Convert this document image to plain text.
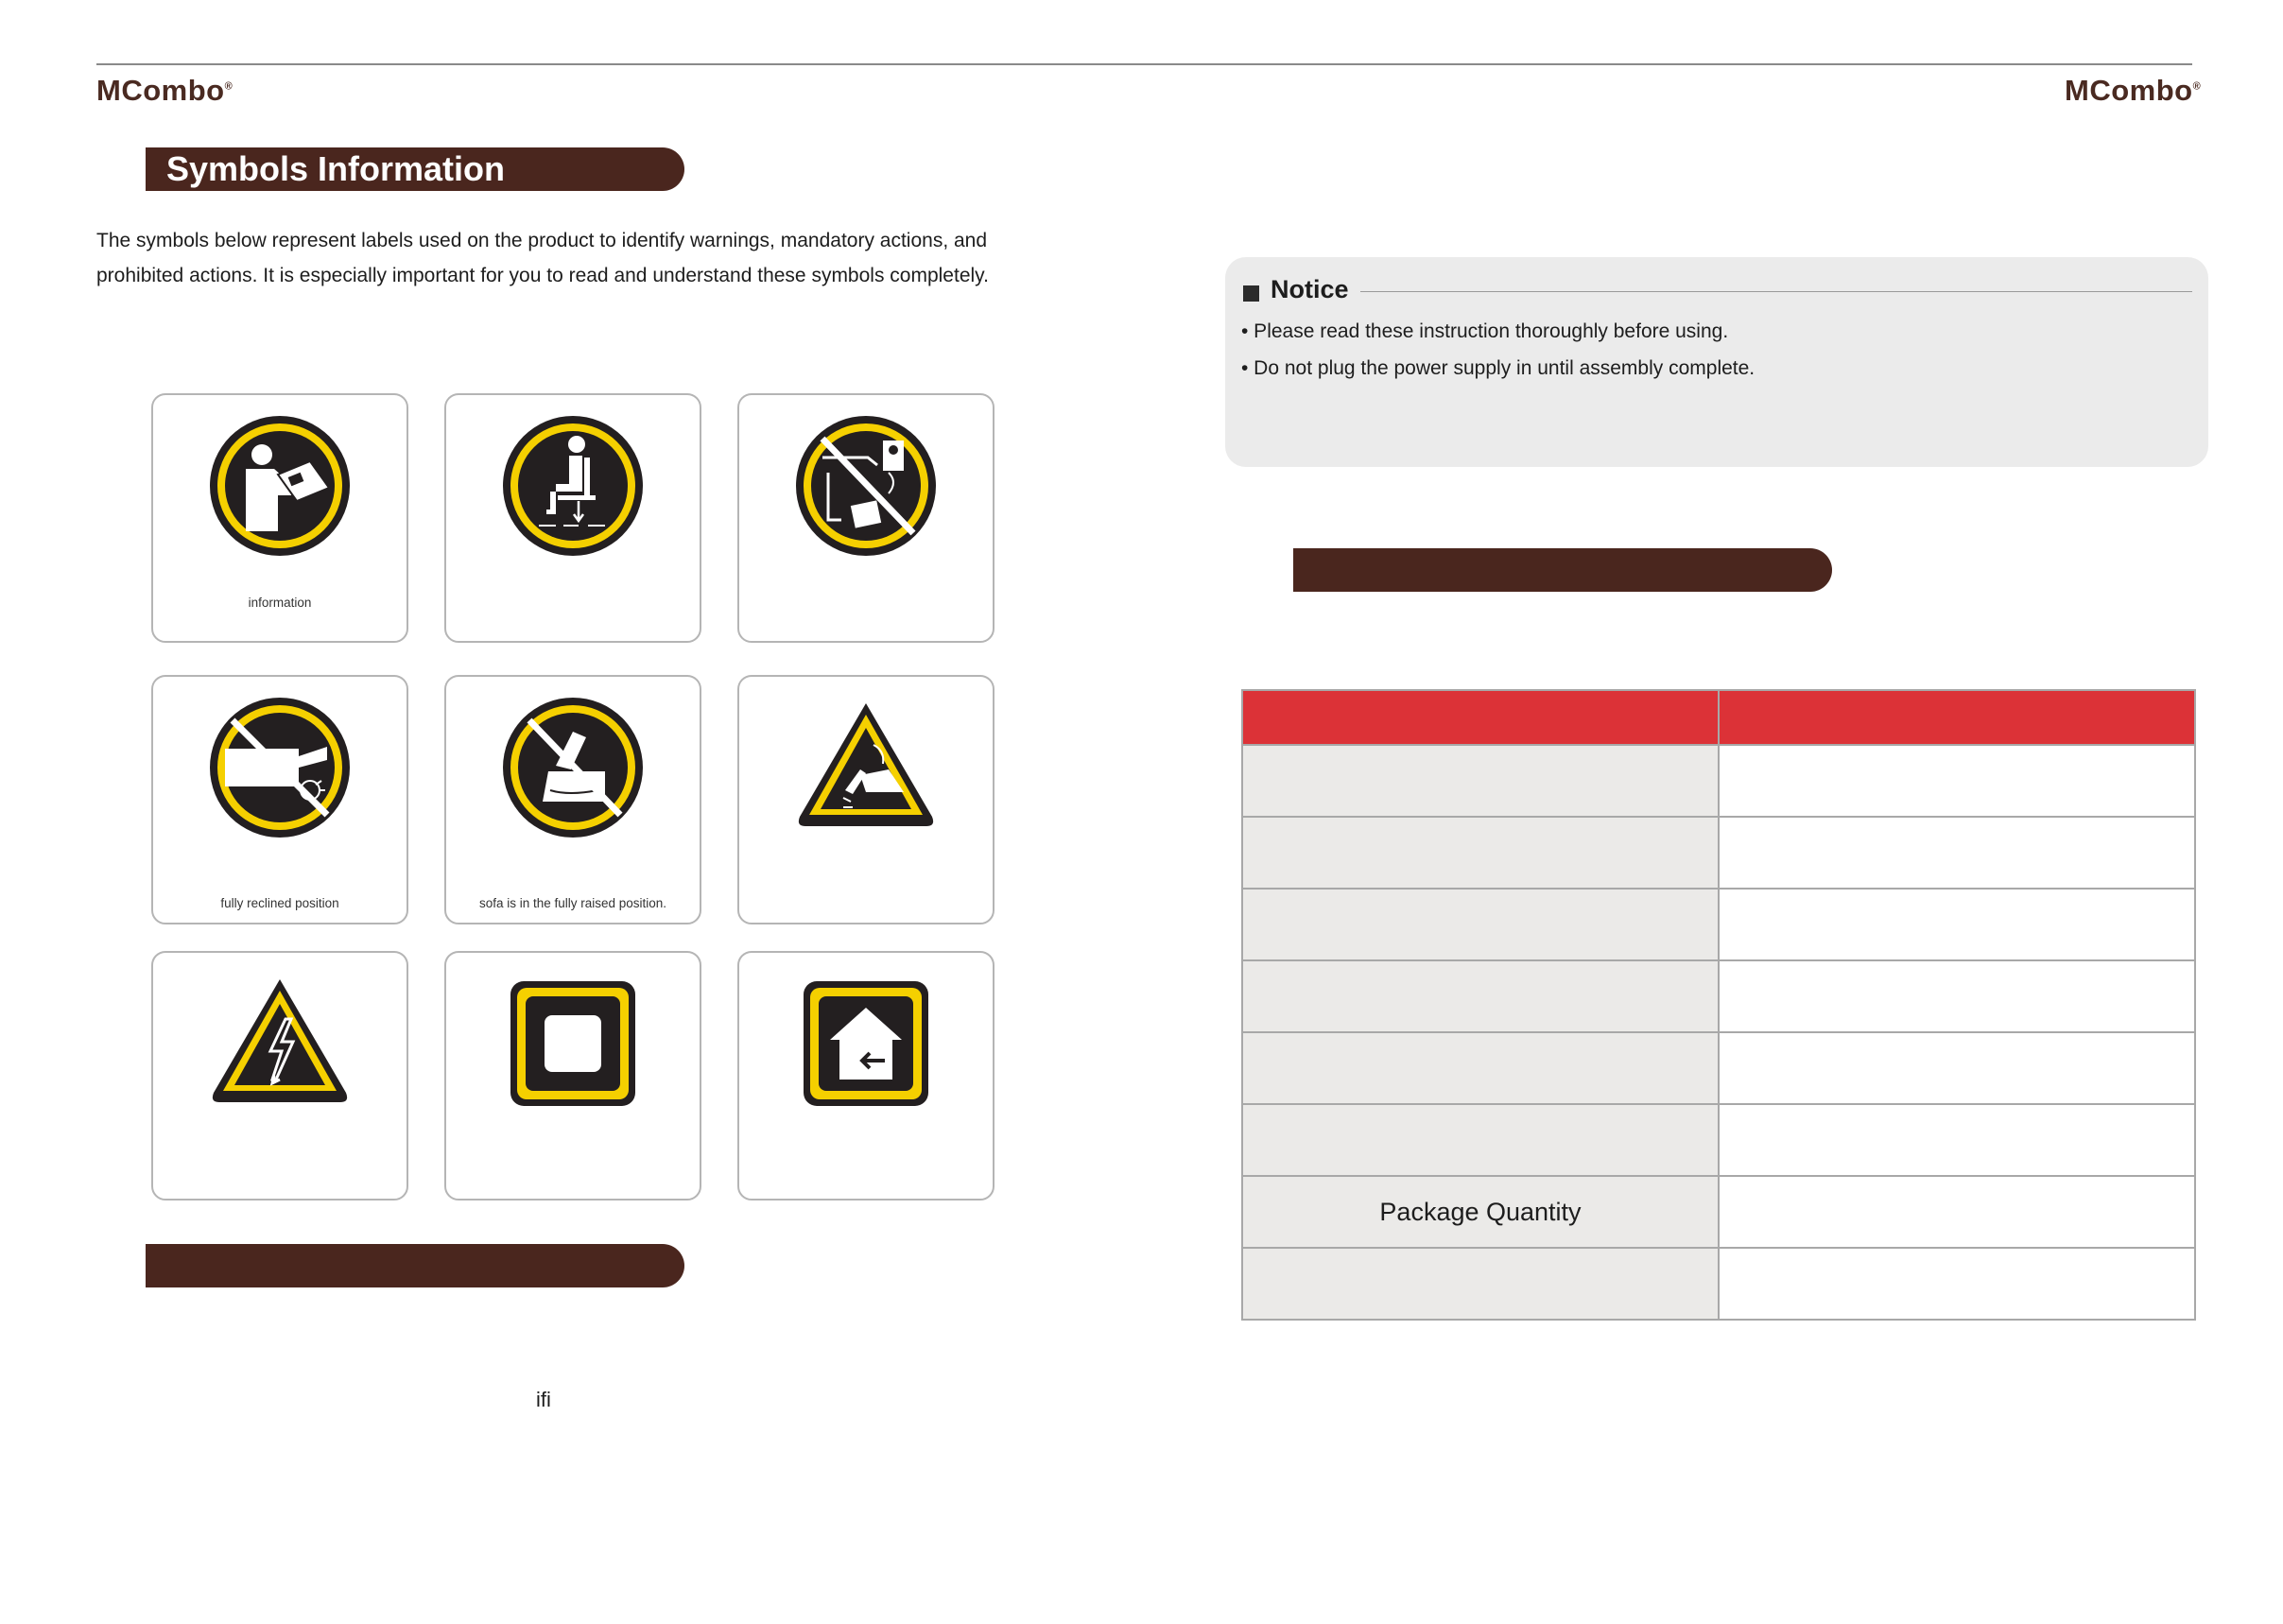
MCombo®	MCombo®
Symbols Information
The symbols below represent labels used on the product to identify warnings, mandatory actions, and
prohibited actions. It is especially important for you to read and understand these symbols completely.
information
fully reclined position	sofa is in the fully raised position.
ifi
Notice
• Please read these instruction thoroughly before using.
• Do not plug the power supply in until assembly complete.

Package Quantity	
